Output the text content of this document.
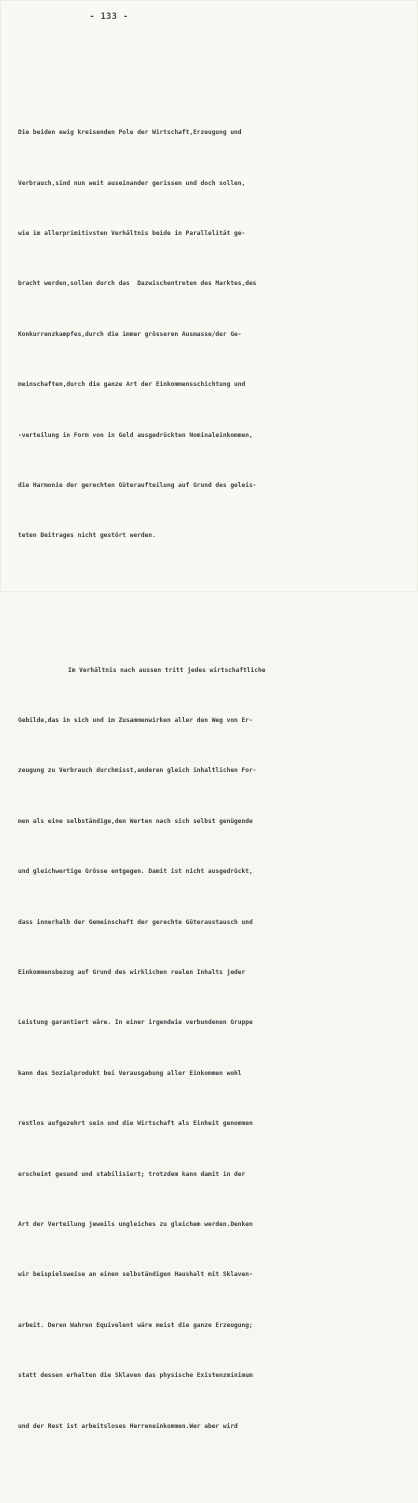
- 133 -

Die beiden ewig kreisenden Pole der Wirtschaft,Erzeugung und

Verbrauch,sind nun weit auseinander gerissen und doch sollen,

wie im allerprimitivsten Verhältnis beide in Parallelität ge-

bracht werden,sollen durch das  Dazwischentreten des Marktes,des

Konkurrenzkampfes,durch die immer grösseren Ausmasse/der Ge-

meinschaften,durch die ganze Art der Einkommensschichtung und

-verteilung in Form von in Geld ausgedrückten Nominaleinkommen,

die Harmonie der gerechten Güteraufteilung auf Grund des geleis-

teten Beitrages nicht gestört werden.

Im Verhältnis nach aussen tritt jedes wirtschaftliche

Gebilde,das in sich und im Zusammenwirken aller den Weg von Er-

zeugung zu Verbrauch durchmisst,anderen gleich inhaltlichen For-

men als eine selbständige,den Werten nach sich selbst genügende

und gleichwertige Grösse entgegen. Damit ist nicht ausgedrückt,

dass innerhalb der Gemeinschaft der gerechte Güteraustausch und

Einkommensbezug auf Grund des wirklichen realen Inhalts jeder

Leistung garantiert wäre. In einer irgendwie verbundenen Gruppe

kann das Sozialprodukt bei Verausgabung aller Einkommen wohl

restlos aufgezehrt sein und die Wirtschaft als Einheit genommen

erscheint gesund und stabilisiert; trotzdem kann damit in der

Art der Verteilung jeweils ungleiches zu gleichem werden.Denken

wir beispielsweise an einen selbständigen Haushalt mit Sklaven-

arbeit. Deren Wahren Equivelent wäre meist die ganze Erzeugung;

statt dessen erhalten die Sklaven das physische Existenzminimum

und der Rest ist arbeitsloses Herreneinkommen.Wer aber wird
